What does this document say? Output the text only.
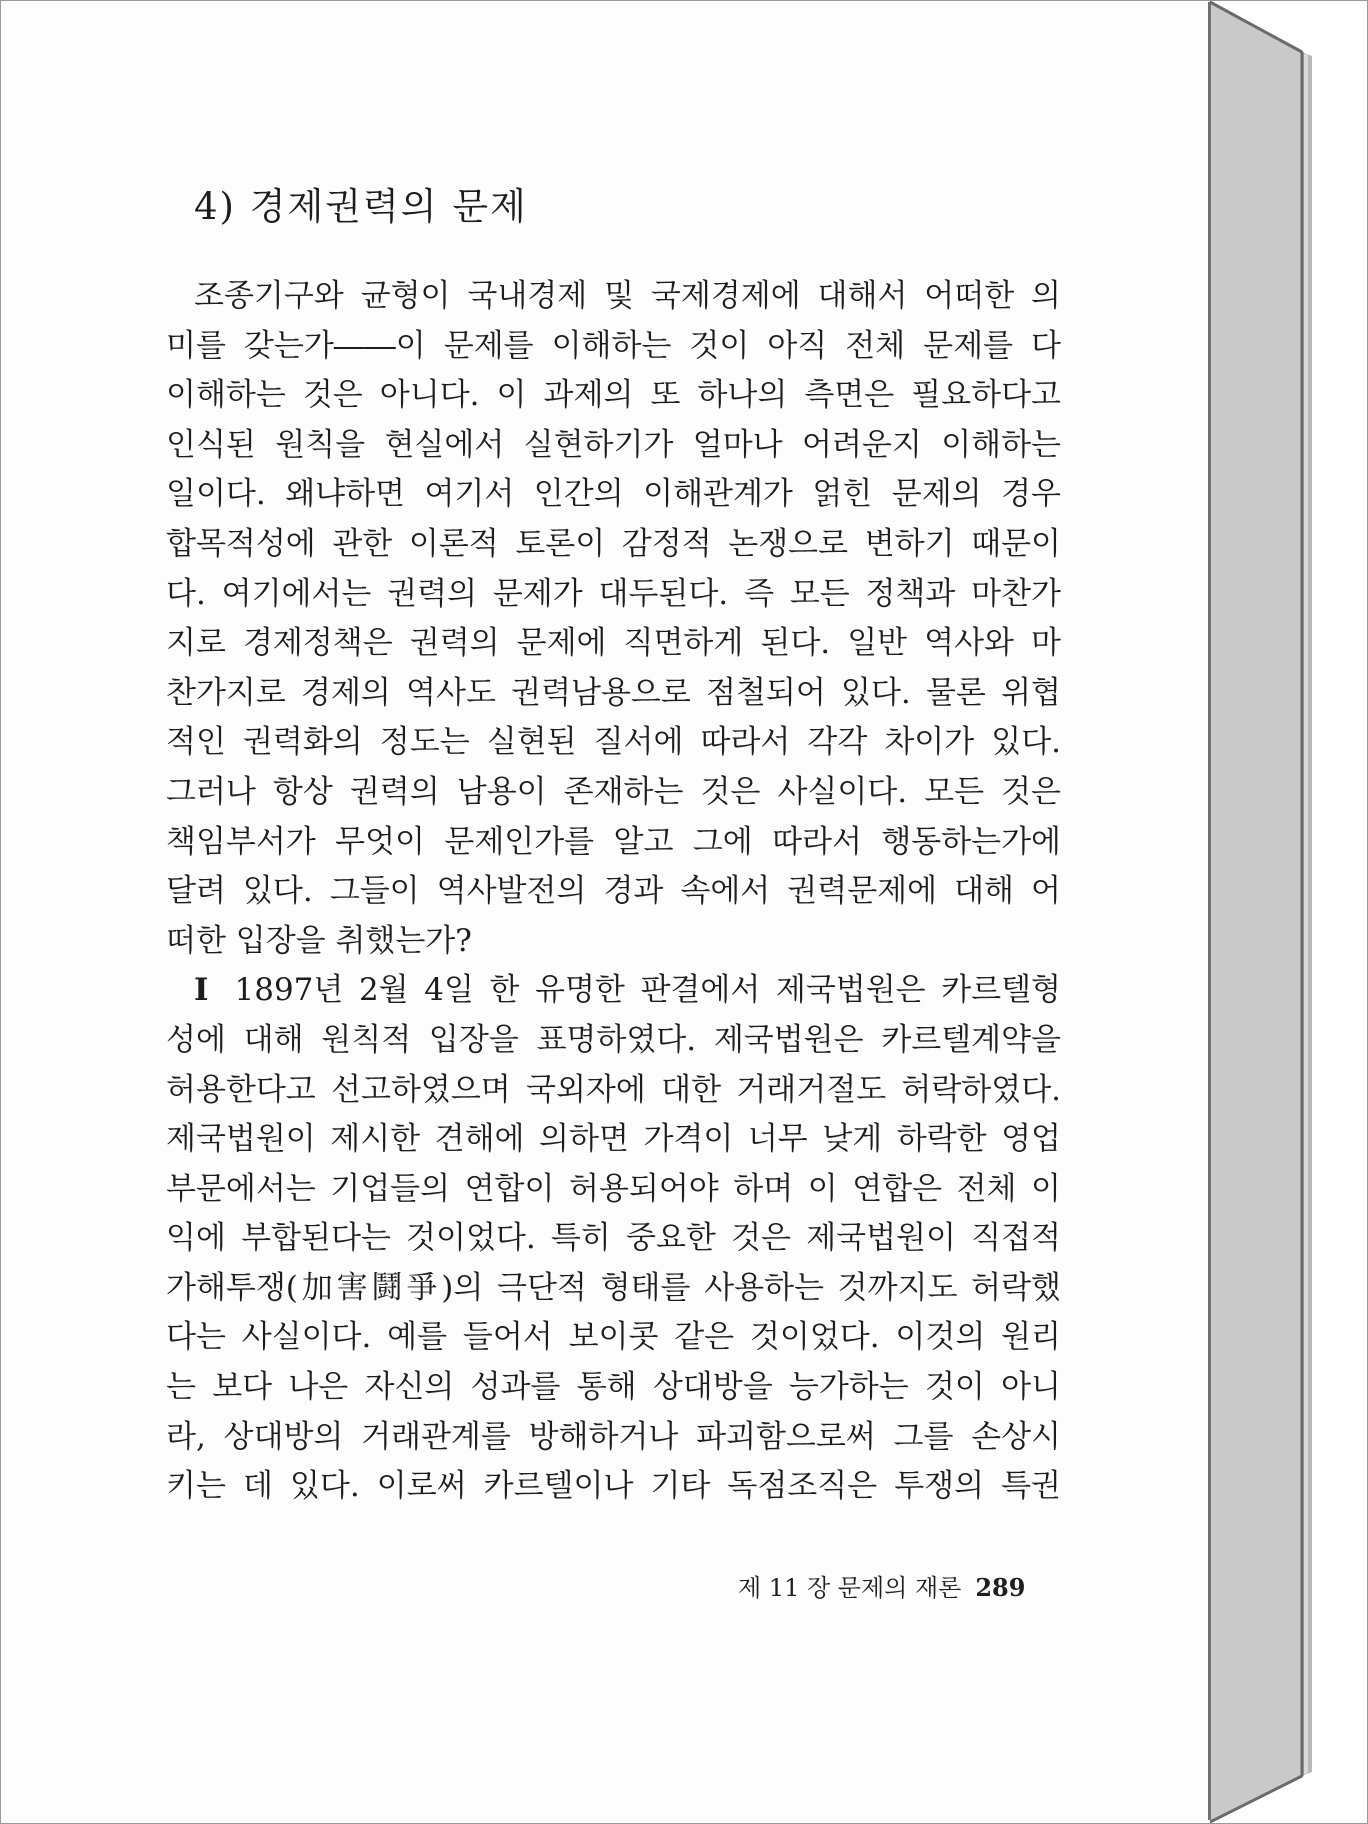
4) 경제권력의 문제
조종기구와 균형이 국내경제 및 국제경제에 대해서 어떠한 의
미를 갖는가――이 문제를 이해하는 것이 아직 전체 문제를 다
이해하는 것은 아니다. 이 과제의 또 하나의 측면은 필요하다고
인식된 원칙을 현실에서 실현하기가 얼마나 어려운지 이해하는
일이다. 왜냐하면 여기서 인간의 이해관계가 얽힌 문제의 경우
합목적성에 관한 이론적 토론이 감정적 논쟁으로 변하기 때문이
다. 여기에서는 권력의 문제가 대두된다. 즉 모든 정책과 마찬가
지로 경제정책은 권력의 문제에 직면하게 된다. 일반 역사와 마
찬가지로 경제의 역사도 권력남용으로 점철되어 있다. 물론 위협
적인 권력화의 정도는 실현된 질서에 따라서 각각 차이가 있다.
그러나 항상 권력의 남용이 존재하는 것은 사실이다. 모든 것은
책임부서가 무엇이 문제인가를 알고 그에 따라서 행동하는가에
달려 있다. 그들이 역사발전의 경과 속에서 권력문제에 대해 어
떠한 입장을 취했는가?
I 1897년 2월 4일 한 유명한 판결에서 제국법원은 카르텔형
성에 대해 원칙적 입장을 표명하였다. 제국법원은 카르텔계약을
허용한다고 선고하였으며 국외자에 대한 거래거절도 허락하였다.
제국법원이 제시한 견해에 의하면 가격이 너무 낮게 하락한 영업
부문에서는 기업들의 연합이 허용되어야 하며 이 연합은 전체 이
익에 부합된다는 것이었다. 특히 중요한 것은 제국법원이 직접적
가해투쟁(加害鬪爭)의 극단적 형태를 사용하는 것까지도 허락했
다는 사실이다. 예를 들어서 보이콧 같은 것이었다. 이것의 원리
는 보다 나은 자신의 성과를 통해 상대방을 능가하는 것이 아니
라, 상대방의 거래관계를 방해하거나 파괴함으로써 그를 손상시
키는 데 있다. 이로써 카르텔이나 기타 독점조직은 투쟁의 특권
제 11 장 문제의 재론 289
